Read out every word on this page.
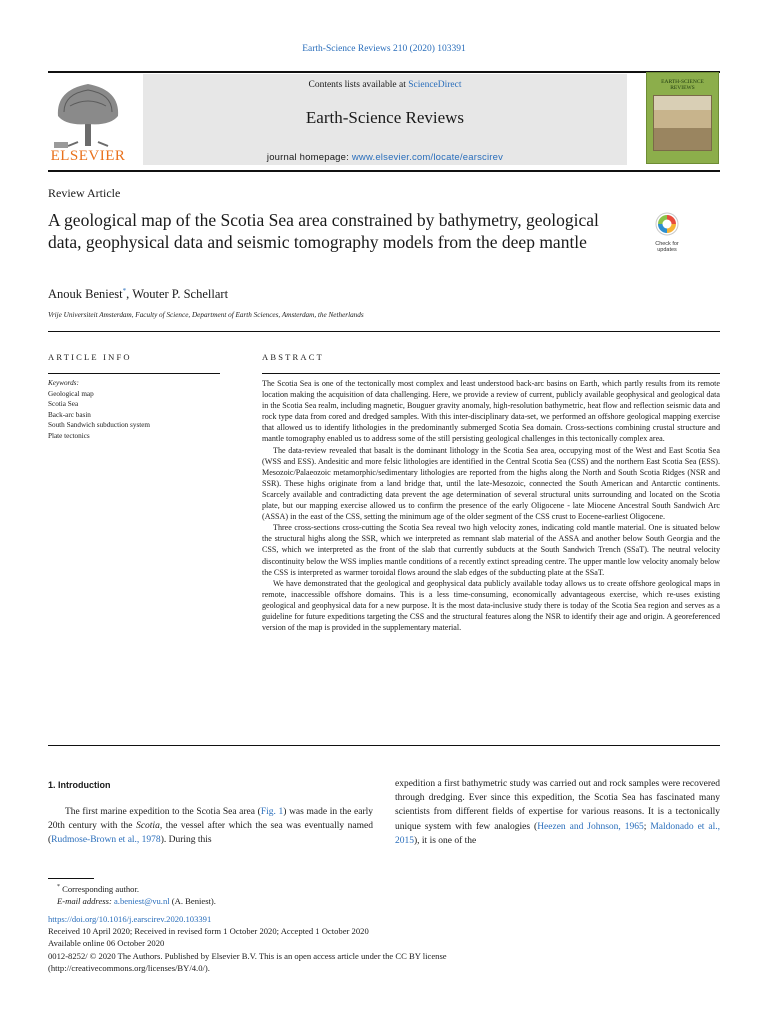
Earth-Science Reviews 210 (2020) 103391
ELSEVIER
Contents lists available at ScienceDirect
Earth-Science Reviews
journal homepage: www.elsevier.com/locate/earscirev
EARTH-SCIENCE REVIEWS
Review Article
A geological map of the Scotia Sea area constrained by bathymetry, geological data, geophysical data and seismic tomography models from the deep mantle	Check for
updates
Anouk Beniest*, Wouter P. Schellart
Vrije Universiteit Amsterdam, Faculty of Science, Department of Earth Sciences, Amsterdam, the Netherlands
ARTICLE INFO	ABSTRACT
Keywords:
Geological map
Scotia Sea
Back-arc basin
South Sandwich subduction system
Plate tectonics

The Scotia Sea is one of the tectonically most complex and least understood back-arc basins on Earth, which partly results from its remote location making the acquisition of data challenging. Here, we provide a review of current, publicly available geophysical and geological data in the Scotia Sea realm, including magnetic, Bouguer gravity anomaly, high-resolution bathymetric, heat flow and reflection seismic data and rock type data from cored and dredged samples. With this inter-disciplinary data-set, we performed an offshore geological mapping exercise that allowed us to identify lithologies in the predominantly submerged Scotia Sea domain. Cross-sections combining crustal structure and mantle tomography enabled us to address some of the still persisting geological challenges in this tectonically complex area.

The data-review revealed that basalt is the dominant lithology in the Scotia Sea area, occupying most of the West and East Scotia Sea (WSS and ESS). Andesitic and more felsic lithologies are identified in the Central Scotia Sea (CSS) and the northern East Scotia Sea (ESS). Mesozoic/Palaeozoic metamorphic/sedimentary lithologies are reported from the highs along the North and South Scotia Ridges (NSR and SSR). These highs originate from a land bridge that, until the late-Mesozoic, connected the South American and Antarctic continents. Scarcely available and contradicting data prevent the age determination of several structural units surrounding and located on the Scotia plate, but our mapping exercise allowed us to confirm the presence of the early Oligocene - late Miocene Ancestral South Sandwich Arc (ASSA) in the east of the CSS, setting the minimum age of the older segment of the CSS crust to Eocene-earliest Oligocene.

Three cross-sections cross-cutting the Scotia Sea reveal two high velocity zones, indicating cold mantle material. One is situated below the structural highs along the SSR, which we interpreted as remnant slab material of the ASSA and another below South Georgia and the CSS, which we interpreted as the front of the slab that currently subducts at the South Sandwich Trench (SSaT). The neutral velocity discontinuity below the WSS implies mantle conditions of a recently extinct spreading centre. The upper mantle low velocity anomaly below the CSS is interpreted as warmer toroidal flows around the slab edges of the subducting plate at the SSaT.

We have demonstrated that the geological and geophysical data publicly available today allows us to create offshore geological maps in remote, inaccessible offshore domains. This is a less time-consuming, economically advantageous exercise, which re-uses existing geological and geophysical data for a new purpose. It is the most data-inclusive study there is today of the Scotia Sea region and serves as a guideline for future expeditions targeting the CSS and the structural features along the NSR to identify their age and origin. A georeferenced version of the map is provided in the supplementary material.

1. Introduction

The first marine expedition to the Scotia Sea area (Fig. 1) was made in the early 20th century with the Scotia, the vessel after which the sea was eventually named (Rudmose-Brown et al., 1978). During this

expedition a first bathymetric study was carried out and rock samples were recovered through dredging. Ever since this expedition, the Scotia Sea has fascinated many scientists from different fields of expertise for various reasons. It is a tectonically unique system with few analogies (Heezen and Johnson, 1965; Maldonado et al., 2015), it is one of the

* Corresponding author.
E-mail address: a.beniest@vu.nl (A. Beniest).
https://doi.org/10.1016/j.earscirev.2020.103391
Received 10 April 2020; Received in revised form 1 October 2020; Accepted 1 October 2020
Available online 06 October 2020
0012-8252/ © 2020 The Authors. Published by Elsevier B.V. This is an open access article under the CC BY license
(http://creativecommons.org/licenses/BY/4.0/).
